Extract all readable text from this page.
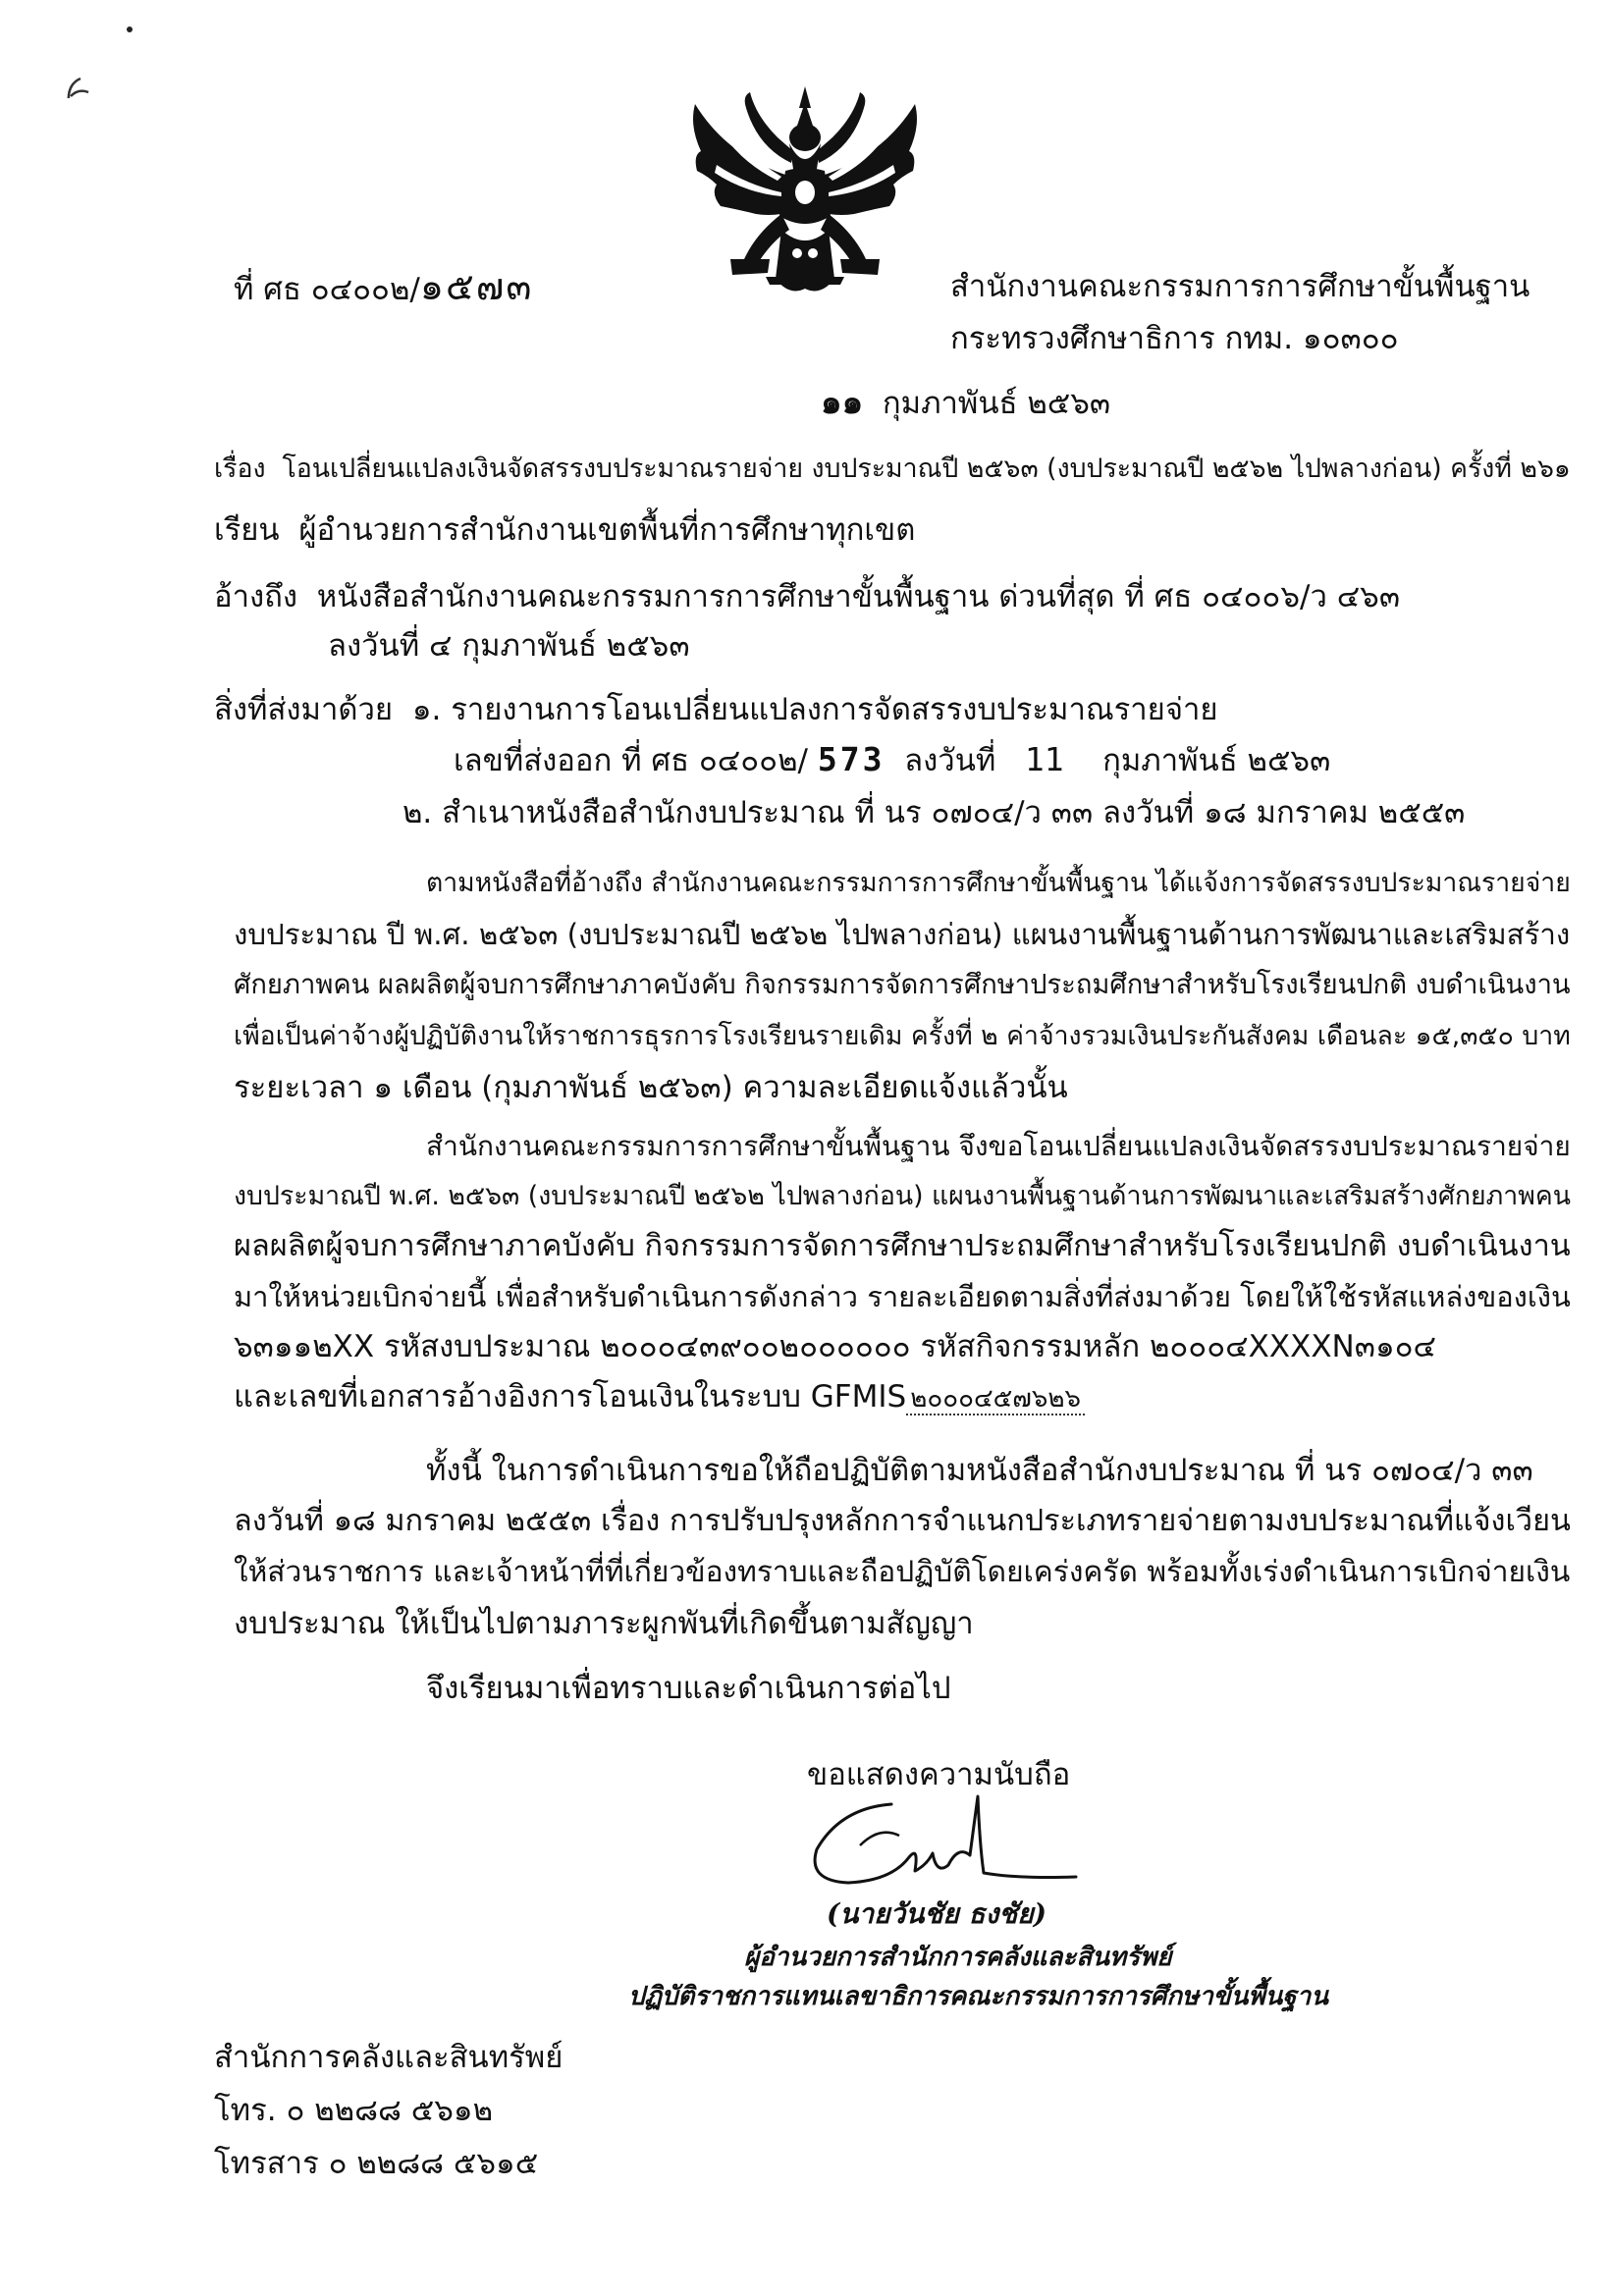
ที่ ศธ ๐๔๐๐๒/๑๕๗๓	สำนักงานคณะกรรมการการศึกษาขั้นพื้นฐาน
กระทรวงศึกษาธิการ กทม. ๑๐๓๐๐
๑๑ กุมภาพันธ์ ๒๕๖๓
เรื่อง โอนเปลี่ยนแปลงเงินจัดสรรงบประมาณรายจ่าย งบประมาณปี ๒๕๖๓ (งบประมาณปี ๒๕๖๒ ไปพลางก่อน) ครั้งที่ ๒๖๑
เรียน ผู้อำนวยการสำนักงานเขตพื้นที่การศึกษาทุกเขต
อ้างถึง หนังสือสำนักงานคณะกรรมการการศึกษาขั้นพื้นฐาน ด่วนที่สุด ที่ ศธ ๐๔๐๐๖/ว ๔๖๓
ลงวันที่ ๔ กุมภาพันธ์ ๒๕๖๓
สิ่งที่ส่งมาด้วย ๑. รายงานการโอนเปลี่ยนแปลงการจัดสรรงบประมาณรายจ่าย
เลขที่ส่งออก ที่ ศธ ๐๔๐๐๒/ 573 ลงวันที่ 11 กุมภาพันธ์ ๒๕๖๓
๒. สำเนาหนังสือสำนักงบประมาณ ที่ นร ๐๗๐๔/ว ๓๓ ลงวันที่ ๑๘ มกราคม ๒๕๕๓
ตามหนังสือที่อ้างถึง สำนักงานคณะกรรมการการศึกษาขั้นพื้นฐาน ได้แจ้งการจัดสรรงบประมาณรายจ่าย
งบประมาณ ปี พ.ศ. ๒๕๖๓ (งบประมาณปี ๒๕๖๒ ไปพลางก่อน) แผนงานพื้นฐานด้านการพัฒนาและเสริมสร้าง
ศักยภาพคน ผลผลิตผู้จบการศึกษาภาคบังคับ กิจกรรมการจัดการศึกษาประถมศึกษาสำหรับโรงเรียนปกติ งบดำเนินงาน
เพื่อเป็นค่าจ้างผู้ปฏิบัติงานให้ราชการธุรการโรงเรียนรายเดิม ครั้งที่ ๒ ค่าจ้างรวมเงินประกันสังคม เดือนละ ๑๕,๓๕๐ บาท
ระยะเวลา ๑ เดือน (กุมภาพันธ์ ๒๕๖๓) ความละเอียดแจ้งแล้วนั้น
สำนักงานคณะกรรมการการศึกษาขั้นพื้นฐาน จึงขอโอนเปลี่ยนแปลงเงินจัดสรรงบประมาณรายจ่าย
งบประมาณปี พ.ศ. ๒๕๖๓ (งบประมาณปี ๒๕๖๒ ไปพลางก่อน) แผนงานพื้นฐานด้านการพัฒนาและเสริมสร้างศักยภาพคน
ผลผลิตผู้จบการศึกษาภาคบังคับ กิจกรรมการจัดการศึกษาประถมศึกษาสำหรับโรงเรียนปกติ งบดำเนินงาน
มาให้หน่วยเบิกจ่ายนี้ เพื่อสำหรับดำเนินการดังกล่าว รายละเอียดตามสิ่งที่ส่งมาด้วย โดยให้ใช้รหัสแหล่งของเงิน
๖๓๑๑๒XX รหัสงบประมาณ ๒๐๐๐๔๓๙๐๐๒๐๐๐๐๐๐ รหัสกิจกรรมหลัก ๒๐๐๐๔XXXXN๓๑๐๔
และเลขที่เอกสารอ้างอิงการโอนเงินในระบบ GFMIS ๒๐๐๐๔๕๗๖๒๖
ทั้งนี้ ในการดำเนินการขอให้ถือปฏิบัติตามหนังสือสำนักงบประมาณ ที่ นร ๐๗๐๔/ว ๓๓
ลงวันที่ ๑๘ มกราคม ๒๕๕๓ เรื่อง การปรับปรุงหลักการจำแนกประเภทรายจ่ายตามงบประมาณที่แจ้งเวียน
ให้ส่วนราชการ และเจ้าหน้าที่ที่เกี่ยวข้องทราบและถือปฏิบัติโดยเคร่งครัด พร้อมทั้งเร่งดำเนินการเบิกจ่ายเงิน
งบประมาณ ให้เป็นไปตามภาระผูกพันที่เกิดขึ้นตามสัญญา
จึงเรียนมาเพื่อทราบและดำเนินการต่อไป
ขอแสดงความนับถือ
(นายวันชัย ธงชัย)
ผู้อำนวยการสำนักการคลังและสินทรัพย์
ปฏิบัติราชการแทนเลขาธิการคณะกรรมการการศึกษาขั้นพื้นฐาน
สำนักการคลังและสินทรัพย์
โทร. ๐ ๒๒๘๘ ๕๖๑๒
โทรสาร ๐ ๒๒๘๘ ๕๖๑๕
